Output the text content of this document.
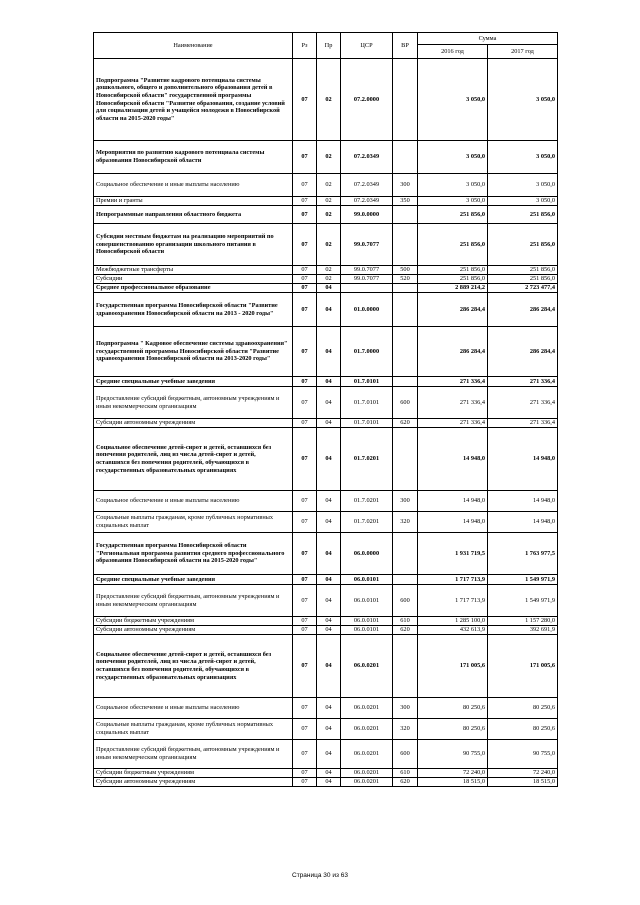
Наименование	Рз	Пр	ЦСР	ВР	Сумма	
					2016 год	2017 год
Подпрограмма "Развитие кадрового потенциала системы дошкольного, общего и дополнительного образования детей в Новосибирской области" государственной программы Новосибирской области "Развитие образования, создание условий для социализации детей и учащейся молодежи в Новосибирской области на 2015-2020 годы"	07	02	07.2.0000		3 050,0	3 050,0
Мероприятия по развитию кадрового потенциала системы образования Новосибирской области	07	02	07.2.0349		3 050,0	3 050,0
Социальное обеспечение и иные выплаты населению	07	02	07.2.0349	300	3 050,0	3 050,0
Премии и гранты	07	02	07.2.0349	350	3 050,0	3 050,0
Непрограммные направления областного бюджета	07	02	99.0.0000		251 856,0	251 856,0
Субсидии местным бюджетам на реализацию мероприятий по совершенствованию организации школьного питания в Новосибирской области	07	02	99.0.7077		251 856,0	251 856,0
Межбюджетные трансферты	07	02	99.0.7077	500	251 856,0	251 856,0
Субсидии	07	02	99.0.7077	520	251 856,0	251 856,0
Среднее профессиональное образование	07	04			2 889 214,2	2 723 477,4
Государственная программа Новосибирской области "Развитие здравоохранения Новосибирской области на 2013 - 2020 годы"	07	04	01.0.0000		286 284,4	286 284,4
Подпрограмма " Кадровое обеспечение системы здравоохранения" государственной программы Новосибирской области "Развитие здравоохранения Новосибирской области на 2013-2020 годы"	07	04	01.7.0000		286 284,4	286 284,4
Средние специальные учебные заведения	07	04	01.7.0101		271 336,4	271 336,4
Предоставление субсидий бюджетным, автономным учреждениям и иным некоммерческим организациям	07	04	01.7.0101	600	271 336,4	271 336,4
Субсидии автономным учреждениям	07	04	01.7.0101	620	271 336,4	271 336,4
Социальное обеспечение детей-сирот и детей, оставшихся без попечения родителей, лиц из числа детей-сирот и детей, оставшихся без попечения родителей, обучающихся в государственных образовательных организациях	07	04	01.7.0201		14 948,0	14 948,0
Социальное обеспечение и иные выплаты населению	07	04	01.7.0201	300	14 948,0	14 948,0
Социальные выплаты гражданам, кроме публичных нормативных социальных выплат	07	04	01.7.0201	320	14 948,0	14 948,0
Государственная программа Новосибирской области "Региональная программа развития среднего профессионального образования Новосибирской области на 2015-2020 годы"	07	04	06.0.0000		1 931 719,5	1 763 977,5
Средние специальные учебные заведения	07	04	06.0.0101		1 717 713,9	1 549 971,9
Предоставление субсидий бюджетным, автономным учреждениям и иным некоммерческим организациям	07	04	06.0.0101	600	1 717 713,9	1 549 971,9
Субсидии бюджетным учреждениям	07	04	06.0.0101	610	1 285 100,0	1 157 280,0
Субсидии автономным учреждениям	07	04	06.0.0101	620	432 613,9	392 691,9
Социальное обеспечение детей-сирот и детей, оставшихся без попечения родителей, лиц из числа детей-сирот и детей, оставшихся без попечения родителей, обучающихся в государственных образовательных организациях	07	04	06.0.0201		171 005,6	171 005,6
Социальное обеспечение и иные выплаты населению	07	04	06.0.0201	300	80 250,6	80 250,6
Социальные выплаты гражданам, кроме публичных нормативных социальных выплат	07	04	06.0.0201	320	80 250,6	80 250,6
Предоставление субсидий бюджетным, автономным учреждениям и иным некоммерческим организациям	07	04	06.0.0201	600	90 755,0	90 755,0
Субсидии бюджетным учреждениям	07	04	06.0.0201	610	72 240,0	72 240,0
Субсидии автономным учреждениям	07	04	06.0.0201	620	18 515,0	18 515,0
Страница 30 из 63
